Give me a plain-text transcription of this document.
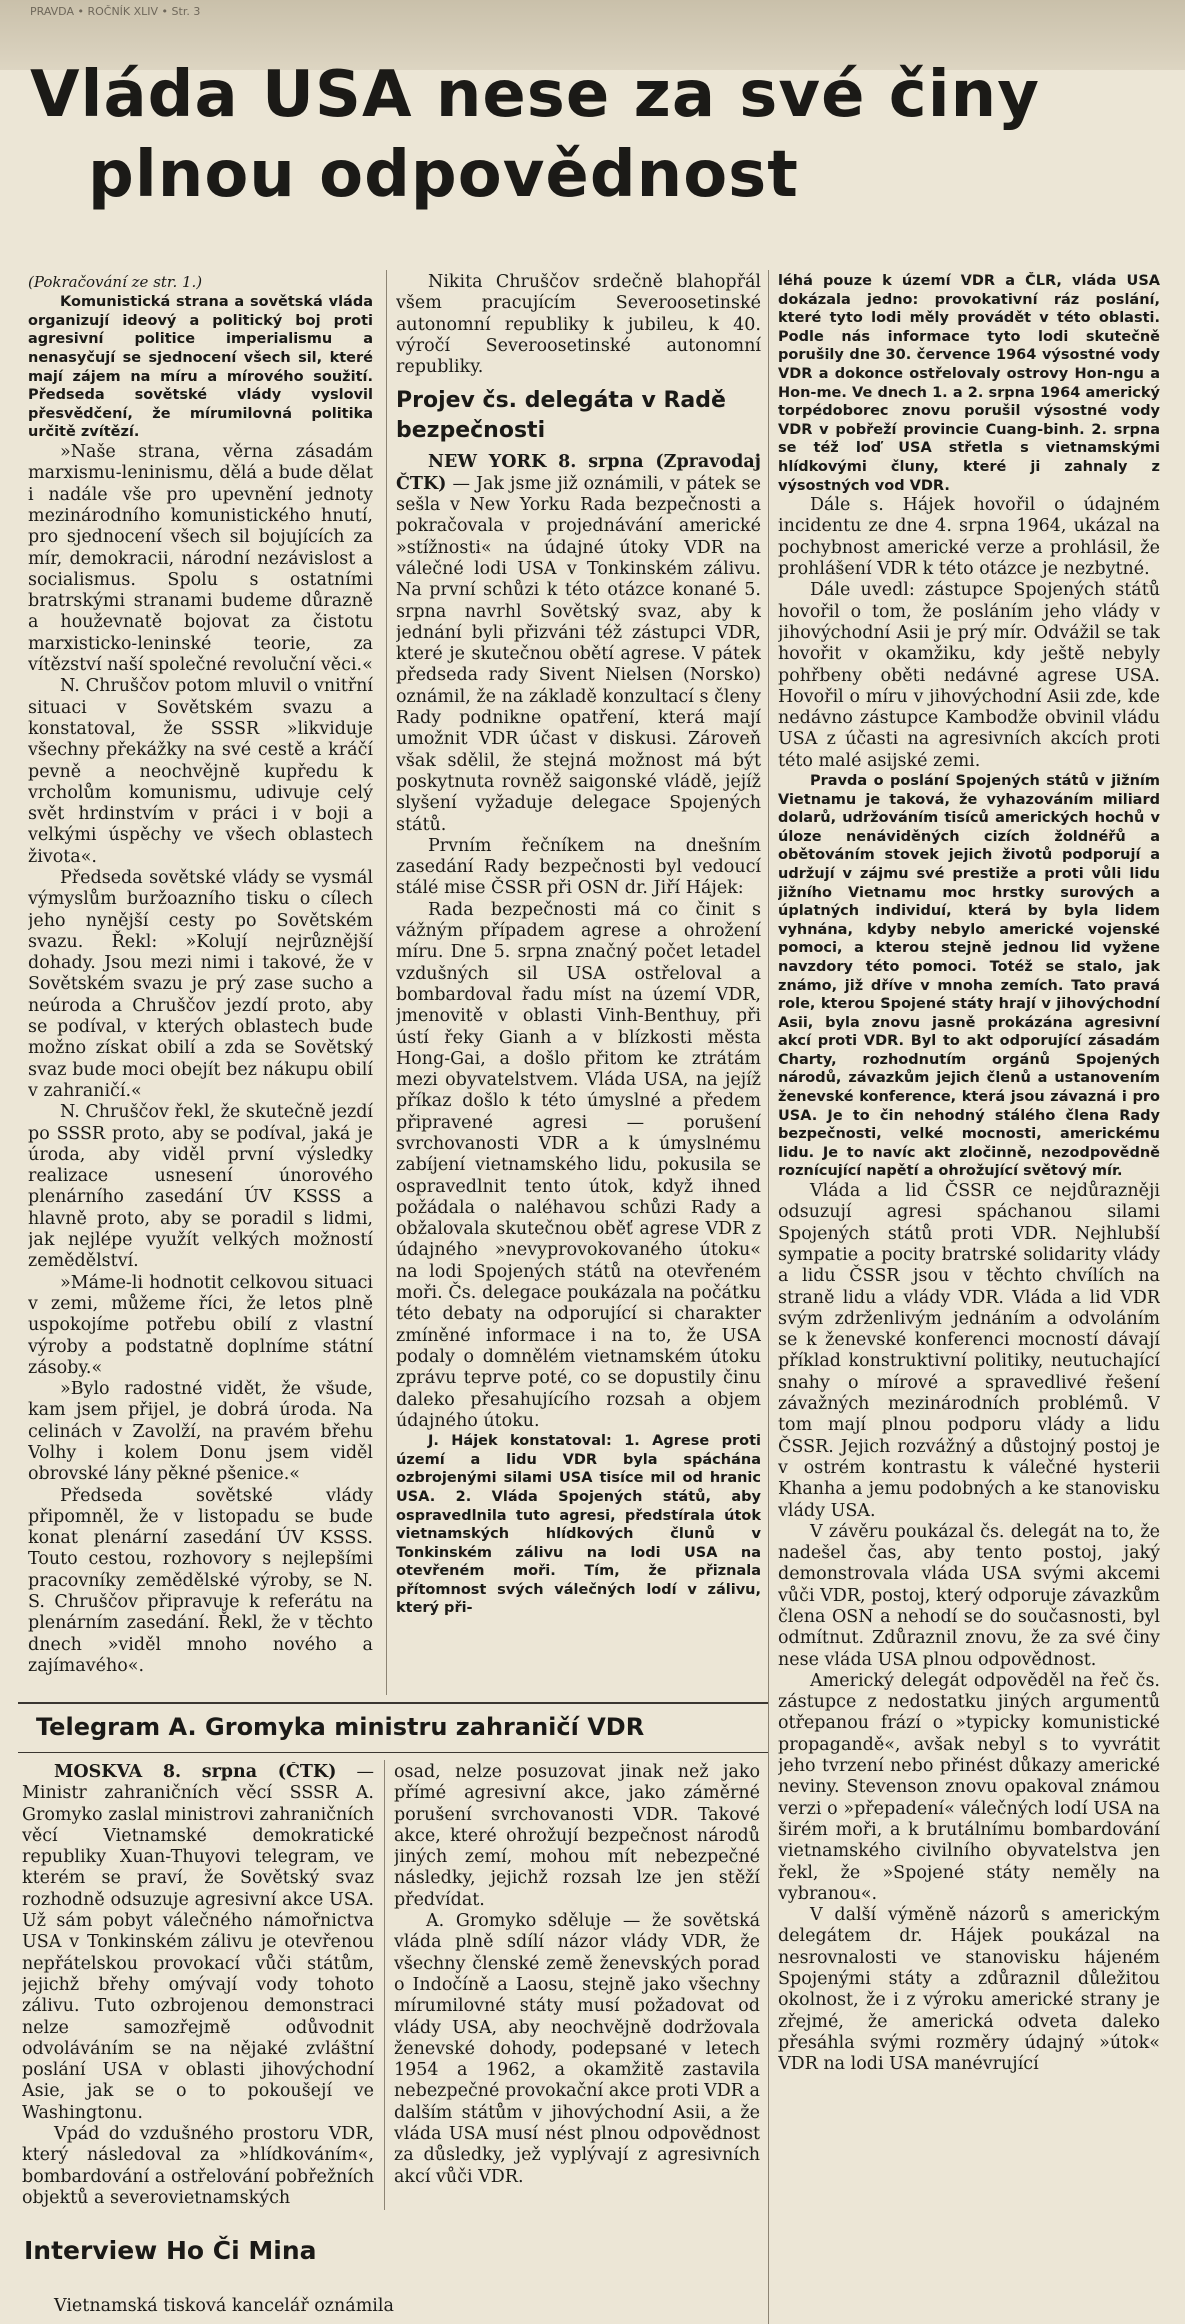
PRAVDA • ROČNÍK XLIV • Str. 3
Vláda USA nese za své činy
plnou odpovědnost

(Pokračování ze str. 1.)

Komunistická strana a sovětská vláda organizují ideový a politický boj proti agresivní politice imperialismu a nenasyčují se sjednocení všech sil, které mají zájem na míru a mírového soužití. Předseda sovětské vlády vyslovil přesvědčení, že mírumilovná politika určitě zvítězí.

»Naše strana, věrna zásadám marxismu-leninismu, dělá a bude dělat i nadále vše pro upevnění jednoty mezinárodního komunistického hnutí, pro sjednocení všech sil bojujících za mír, demokracii, národní nezávislost a socialismus. Spolu s ostatními bratrskými stranami budeme důrazně a houževnatě bojovat za čistotu marxisticko-leninské teorie, za vítězství naší společné revoluční věci.«

N. Chruščov potom mluvil o vnitřní situaci v Sovětském svazu a konstatoval, že SSSR »likviduje všechny překážky na své cestě a kráčí pevně a neochvějně kupředu k vrcholům komunismu, udivuje celý svět hrdinstvím v práci i v boji a velkými úspěchy ve všech oblastech života«.

Předseda sovětské vlády se vysmál výmyslům buržoazního tisku o cílech jeho nynější cesty po Sovětském svazu. Řekl: »Kolují nejrůznější dohady. Jsou mezi nimi i takové, že v Sovětském svazu je prý zase sucho a neúroda a Chruščov jezdí proto, aby se podíval, v kterých oblastech bude možno získat obilí a zda se Sovětský svaz bude moci obejít bez nákupu obilí v zahraničí.«

N. Chruščov řekl, že skutečně jezdí po SSSR proto, aby se podíval, jaká je úroda, aby viděl první výsledky realizace usnesení únorového plenárního zasedání ÚV KSSS a hlavně proto, aby se poradil s lidmi, jak nejlépe využít velkých možností zemědělství.

»Máme-li hodnotit celkovou situaci v zemi, můžeme říci, že letos plně uspokojíme potřebu obilí z vlastní výroby a podstatně doplníme státní zásoby.«

»Bylo radostné vidět, že všude, kam jsem přijel, je dobrá úroda. Na celinách v Zavolží, na pravém břehu Volhy i kolem Donu jsem viděl obrovské lány pěkné pšenice.«

Předseda sovětské vlády připomněl, že v listopadu se bude konat plenární zasedání ÚV KSSS. Touto cestou, rozhovory s nejlepšími pracovníky zemědělské výroby, se N. S. Chruščov připravuje k referátu na plenárním zasedání. Řekl, že v těchto dnech »viděl mnoho nového a zajímavého«.

Nikita Chruščov srdečně blahopřál všem pracujícím Severoosetinské autonomní republiky k jubileu, k 40. výročí Severoosetinské autonomní republiky.

Projev čs. delegáta v Radě bezpečnosti

NEW YORK 8. srpna (Zpravodaj ČTK) — Jak jsme již oznámili, v pátek se sešla v New Yorku Rada bezpečnosti a pokračovala v projednávání americké »stížnosti« na údajné útoky VDR na válečné lodi USA v Tonkinském zálivu. Na první schůzi k této otázce konané 5. srpna navrhl Sovětský svaz, aby k jednání byli přizváni též zástupci VDR, které je skutečnou obětí agrese. V pátek předseda rady Sivent Nielsen (Norsko) oznámil, že na základě konzultací s členy Rady podnikne opatření, která mají umožnit VDR účast v diskusi. Zároveň však sdělil, že stejná možnost má být poskytnuta rovněž saigonské vládě, jejíž slyšení vyžaduje delegace Spojených států.

Prvním řečníkem na dnešním zasedání Rady bezpečnosti byl vedoucí stálé mise ČSSR při OSN dr. Jiří Hájek:

Rada bezpečnosti má co činit s vážným případem agrese a ohrožení míru. Dne 5. srpna značný počet letadel vzdušných sil USA ostřeloval a bombardoval řadu míst na území VDR, jmenovitě v oblasti Vinh-Benthuy, při ústí řeky Gianh a v blízkosti města Hong-Gai, a došlo přitom ke ztrátám mezi obyvatelstvem. Vláda USA, na jejíž příkaz došlo k této úmyslné a předem připravené agresi — porušení svrchovanosti VDR a k úmyslnému zabíjení vietnamského lidu, pokusila se ospravedlnit tento útok, když ihned požádala o naléhavou schůzi Rady a obžalovala skutečnou oběť agrese VDR z údajného »nevyprovokovaného útoku« na lodi Spojených států na otevřeném moři. Čs. delegace poukázala na počátku této debaty na odporující si charakter zmíněné informace i na to, že USA podaly o domnělém vietnamském útoku zprávu teprve poté, co se dopustily činu daleko přesahujícího rozsah a objem údajného útoku.

J. Hájek konstatoval: 1. Agrese proti území a lidu VDR byla spáchána ozbrojenými silami USA tisíce mil od hranic USA. 2. Vláda Spojených států, aby ospravedlnila tuto agresi, předstírala útok vietnamských hlídkových člunů v Tonkinském zálivu na lodi USA na otevřeném moři. Tím, že přiznala přítomnost svých válečných lodí v zálivu, který při-

léhá pouze k území VDR a ČLR, vláda USA dokázala jedno: provokativní ráz poslání, které tyto lodi měly provádět v této oblasti. Podle nás informace tyto lodi skutečně porušily dne 30. července 1964 výsostné vody VDR a dokonce ostřelovaly ostrovy Hon-ngu a Hon-me. Ve dnech 1. a 2. srpna 1964 americký torpédoborec znovu porušil výsostné vody VDR v pobřeží provincie Cuang-binh. 2. srpna se též loď USA střetla s vietnamskými hlídkovými čluny, které ji zahnaly z výsostných vod VDR.

Dále s. Hájek hovořil o údajném incidentu ze dne 4. srpna 1964, ukázal na pochybnost americké verze a prohlásil, že prohlášení VDR k této otázce je nezbytné.

Dále uvedl: zástupce Spojených států hovořil o tom, že posláním jeho vlády v jihovýchodní Asii je prý mír. Odvážil se tak hovořit v okamžiku, kdy ještě nebyly pohřbeny oběti nedávné agrese USA. Hovořil o míru v jihovýchodní Asii zde, kde nedávno zástupce Kambodže obvinil vládu USA z účasti na agresivních akcích proti této malé asijské zemi.

Pravda o poslání Spojených států v jižním Vietnamu je taková, že vyhazováním miliard dolarů, udržováním tisíců amerických hochů v úloze nenáviděných cizích žoldnéřů a obětováním stovek jejich životů podporují a udržují v zájmu své prestiže a proti vůli lidu jižního Vietnamu moc hrstky surových a úplatných individuí, která by byla lidem vyhnána, kdyby nebylo americké vojenské pomoci, a kterou stejně jednou lid vyžene navzdory této pomoci. Totéž se stalo, jak známo, již dříve v mnoha zemích. Tato pravá role, kterou Spojené státy hrají v jihovýchodní Asii, byla znovu jasně prokázána agresivní akcí proti VDR. Byl to akt odporující zásadám Charty, rozhodnutím orgánů Spojených národů, závazkům jejich členů a ustanovením ženevské konference, která jsou závazná i pro USA. Je to čin nehodný stálého člena Rady bezpečnosti, velké mocnosti, americkému lidu. Je to navíc akt zločinně, nezodpovědně roznícující napětí a ohrožující světový mír.

Vláda a lid ČSSR ce nejdůrazněji odsuzují agresi spáchanou silami Spojených států proti VDR. Nejhlubší sympatie a pocity bratrské solidarity vlády a lidu ČSSR jsou v těchto chvílích na straně lidu a vlády VDR. Vláda a lid VDR svým zdrženlivým jednáním a odvoláním se k ženevské konferenci mocností dávají příklad konstruktivní politiky, neutuchající snahy o mírové a spravedlivé řešení závažných mezinárodních problémů. V tom mají plnou podporu vlády a lidu ČSSR. Jejich rozvážný a důstojný postoj je v ostrém kontrastu k válečné hysterii Khanha a jemu podobných a ke stanovisku vlády USA.

V závěru poukázal čs. delegát na to, že nadešel čas, aby tento postoj, jaký demonstrovala vláda USA svými akcemi vůči VDR, postoj, který odporuje závazkům člena OSN a nehodí se do současnosti, byl odmítnut. Zdůraznil znovu, že za své činy nese vláda USA plnou odpovědnost.

Americký delegát odpověděl na řeč čs. zástupce z nedostatku jiných argumentů otřepanou frází o »typicky komunistické propagandě«, avšak nebyl s to vyvrátit jeho tvrzení nebo přinést důkazy americké neviny. Stevenson znovu opakoval známou verzi o »přepadení« válečných lodí USA na širém moři, a k brutálnímu bombardování vietnamského civilního obyvatelstva jen řekl, že »Spojené státy neměly na vybranou«.

V další výměně názorů s americkým delegátem dr. Hájek poukázal na nesrovnalosti ve stanovisku hájeném Spojenými státy a zdůraznil důležitou okolnost, že i z výroku americké strany je zřejmé, že americká odveta daleko přesáhla svými rozměry údajný »útok« VDR na lodi USA manévrující

Telegram A. Gromyka ministru zahraničí VDR

MOSKVA 8. srpna (ČTK) — Ministr zahraničních věcí SSSR A. Gromyko zaslal ministrovi zahraničních věcí Vietnamské demokratické republiky Xuan-Thuyovi telegram, ve kterém se praví, že Sovětský svaz rozhodně odsuzuje agresivní akce USA. Už sám pobyt válečného námořnictva USA v Tonkinském zálivu je otevřenou nepřátelskou provokací vůči státům, jejichž břehy omývají vody tohoto zálivu. Tuto ozbrojenou demonstraci nelze samozřejmě odůvodnit odvoláváním se na nějaké zvláštní poslání USA v oblasti jihovýchodní Asie, jak se o to pokoušejí ve Washingtonu.

Vpád do vzdušného prostoru VDR, který následoval za »hlídkováním«, bombardování a ostřelování pobřežních objektů a severovietnamských

osad, nelze posuzovat jinak než jako přímé agresivní akce, jako záměrné porušení svrchovanosti VDR. Takové akce, které ohrožují bezpečnost národů jiných zemí, mohou mít nebezpečné následky, jejichž rozsah lze jen stěží předvídat.

A. Gromyko sděluje — že sovětská vláda plně sdílí názor vlády VDR, že všechny členské země ženevských porad o Indočíně a Laosu, stejně jako všechny mírumilovné státy musí požadovat od vlády USA, aby neochvějně dodržovala ženevské dohody, podepsané v letech 1954 a 1962, a okamžitě zastavila nebezpečné provokační akce proti VDR a dalším státům v jihovýchodní Asii, a že vláda USA musí nést plnou odpovědnost za důsledky, jež vyplývají z agresivních akcí vůči VDR.

Interview Ho Či Mina

Vietnamská tisková kancelář oznámila
